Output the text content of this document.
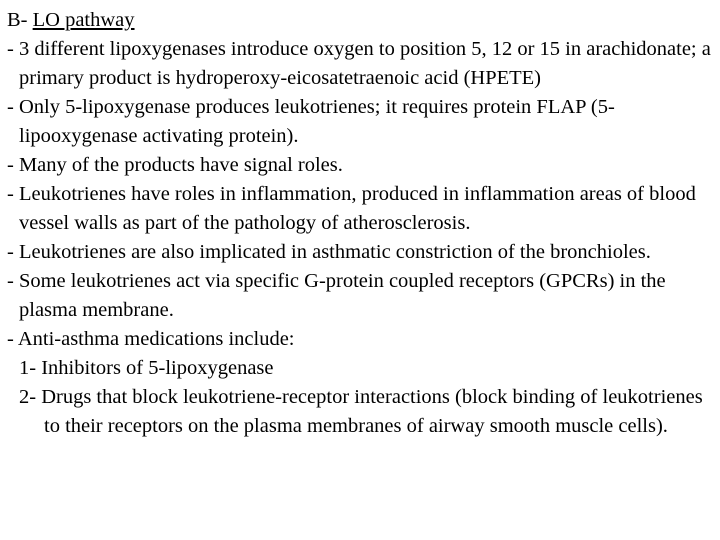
B- LO pathway
- 3 different lipoxygenases introduce oxygen to position 5, 12 or 15 in arachidonate; a primary product is hydroperoxy-eicosatetraenoic acid (HPETE)
- Only 5-lipoxygenase produces leukotrienes; it requires protein FLAP (5-lipooxygenase activating protein).
- Many of the products have signal roles.
- Leukotrienes have roles in inflammation, produced in inflammation areas of blood vessel walls as part of the pathology of atherosclerosis.
- Leukotrienes are also implicated in asthmatic constriction of the bronchioles.
- Some leukotrienes act via specific G-protein coupled receptors (GPCRs) in the plasma membrane.
- Anti-asthma medications include:
1- Inhibitors of 5-lipoxygenase
2- Drugs that block leukotriene-receptor interactions (block binding of leukotrienes to their receptors on the plasma membranes of airway smooth muscle cells).
